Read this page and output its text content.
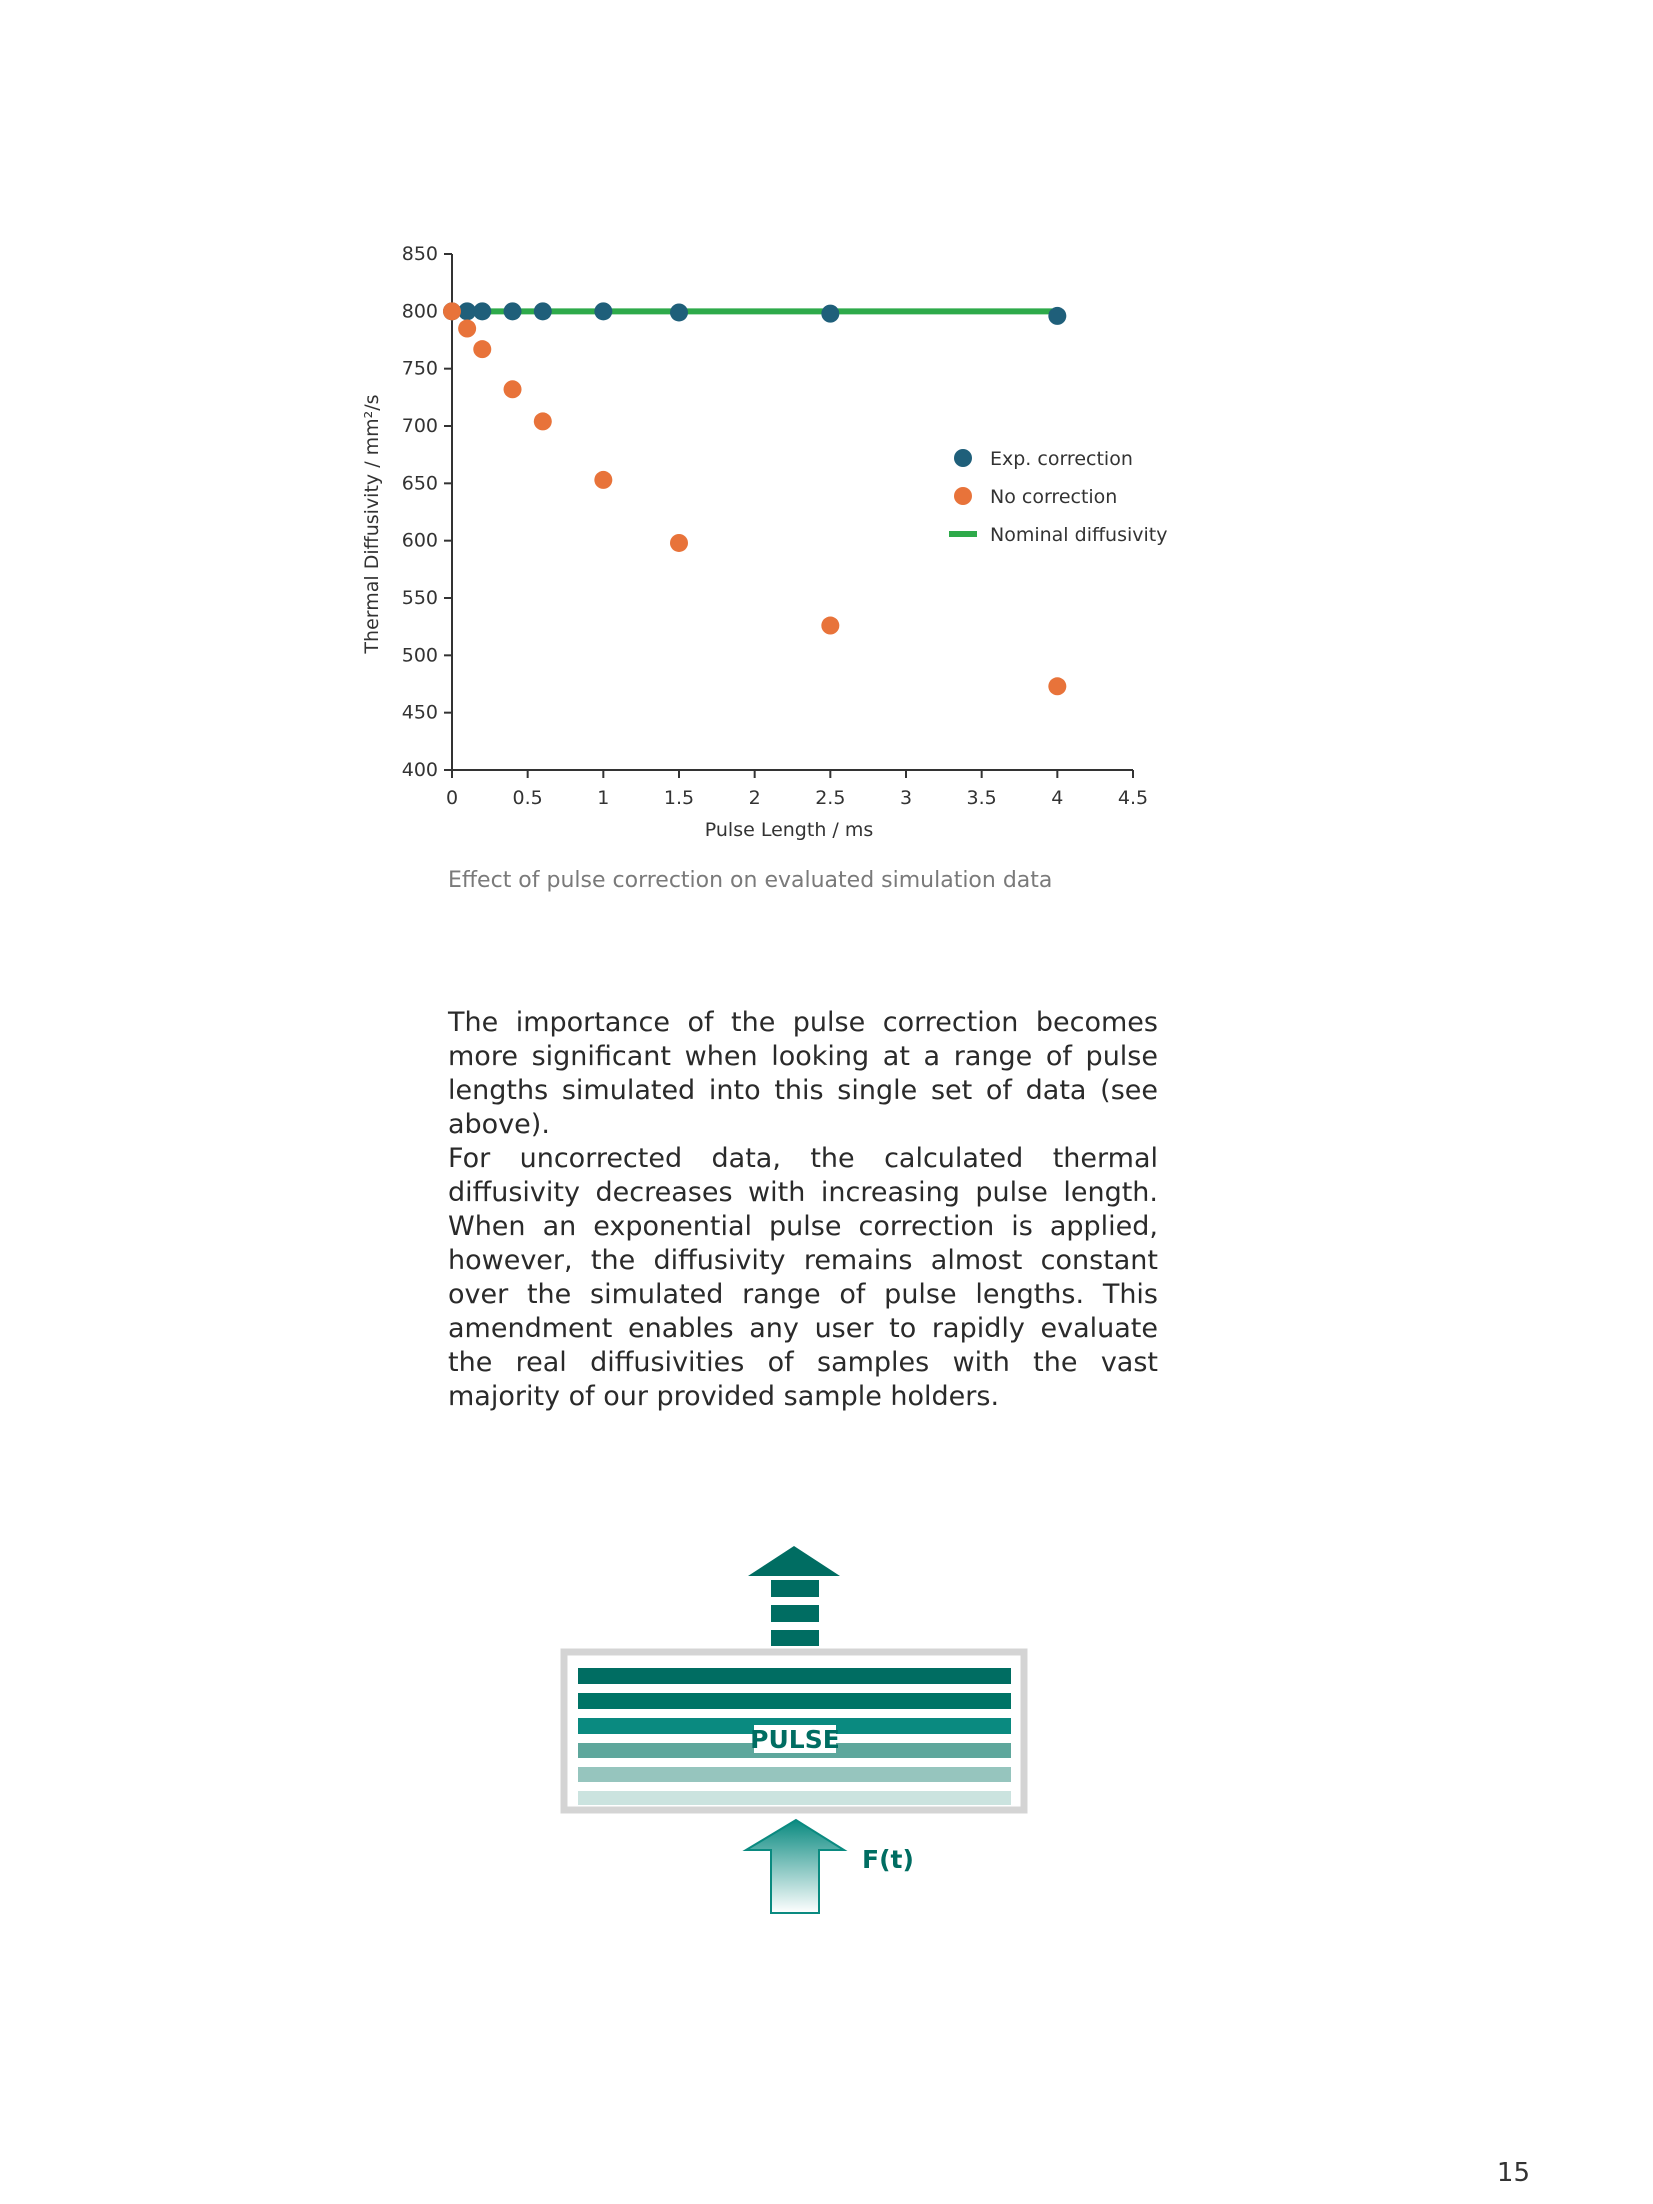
0	0.5	1	1.5	2	2.5	3	3.5	4	4.5
850
800
750
700
650
600
550
500
450
400
Exp. correction
No correction
Nominal diffusivity
Pulse Length / ms
Thermal Diffusivity / mm²/s
Effect of pulse correction on evaluated simulation data

The importance of the pulse correction becomes more significant when looking at a range of pulse lengths simulated into this single set of data (see above).

For uncorrected data, the calculated thermal diffusivity decreases with increasing pulse length. When an exponential pulse correction is applied, however, the diffusivity remains almost constant over the simulated range of pulse lengths. This amendment enables any user to rapidly evaluate the real diffusivities of samples with the vast majority of our provided sample holders.

PULSE
F(t)
15
